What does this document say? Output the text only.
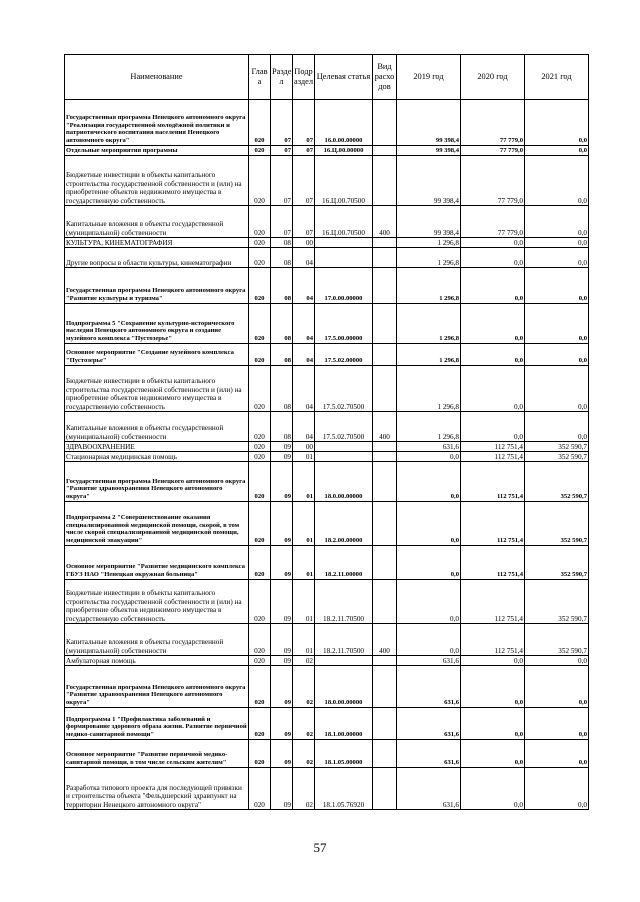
Наименование	Глав а	Разде л	Подр аздел	Целевая статья	Вид расхо дов	2019 год	2020 год	2021 год
Государственная программа Ненецкого автономного округа "Реализация государственной молодёжной политики и патриотического воспитания населения Ненецкого автономного округа"	020	07	07	16.0.00.00000		99 398,4	77 779,0	0,0
Отдельные мероприятия программы	020	07	07	16.Ц.00.00000		99 398,4	77 779,0	0,0
Бюджетные инвестиции в объекты капитального строительства государственной собственности и (или) на приобретение объектов недвижимого имущества в государственную собственность	020	07	07	16.Ц.00.70500		99 398,4	77 779,0	0,0
Капитальные вложения в объекты государственной (муниципальной) собственности	020	07	07	16.Ц.00.70500	400	99 398,4	77 779,0	0,0
КУЛЬТУРА, КИНЕМАТОГРАФИЯ	020	08	00			1 296,8	0,0	0,0
Другие вопросы в области культуры, кинематографии	020	08	04			1 296,8	0,0	0,0
Государственная программа Ненецкого автономного округа "Развитие культуры и туризма"	020	08	04	17.0.00.00000		1 296,8	0,0	0,0
Подпрограмма 5 "Сохранение культурно-исторического наследия Ненецкого автономного округа и создание музейного комплекса "Пустозерье"	020	08	04	17.5.00.00000		1 296,8	0,0	0,0
Основное мероприятие "Создание музейного комплекса "Пустозерье"	020	08	04	17.5.02.00000		1 296,8	0,0	0,0
Бюджетные инвестиции в объекты капитального строительства государственной собственности и (или) на приобретение объектов недвижимого имущества в государственную собственность	020	08	04	17.5.02.70500		1 296,8	0,0	0,0
Капитальные вложения в объекты государственной (муниципальной) собственности	020	08	04	17.5.02.70500	400	1 296,8	0,0	0,0
ЗДРАВООХРАНЕНИЕ	020	09	00			631,6	112 751,4	352 590,7
Стационарная медицинская помощь	020	09	01			0,0	112 751,4	352 590,7
Государственная программа Ненецкого автономного округа "Развитие здравоохранения Ненецкого автономного округа"	020	09	01	18.0.00.00000		0,0	112 751,4	352 590,7
Подпрограмма 2 "Совершенствование оказания специализированной медицинской помощи, скорой, в том числе скорой специализированной медицинской помощи, медицинской эвакуации"	020	09	01	18.2.00.00000		0,0	112 751,4	352 590,7
Основное мероприятие "Развитие медицинского комплекса ГБУЗ НАО "Ненецкая окружная больница"	020	09	01	18.2.11.00000		0,0	112 751,4	352 590,7
Бюджетные инвестиции в объекты капитального строительства государственной собственности и (или) на приобретение объектов недвижимого имущества в государственную собственность	020	09	01	18.2.11.70500		0,0	112 751,4	352 590,7
Капитальные вложения в объекты государственной (муниципальной) собственности	020	09	01	18.2.11.70500	400	0,0	112 751,4	352 590,7
Амбулаторная помощь	020	09	02			631,6	0,0	0,0
Государственная программа Ненецкого автономного округа "Развитие здравоохранения Ненецкого автономного округа"	020	09	02	18.0.00.00000		631,6	0,0	0,0
Подпрограмма 1 "Профилактика заболеваний и формирование здорового образа жизни. Развитие первичной медико-санитарной помощи"	020	09	02	18.1.00.00000		631,6	0,0	0,0
Основное мероприятие "Развитие первичной медико-санитарной помощи, в том числе сельским жителям"	020	09	02	18.1.05.00000		631,6	0,0	0,0
Разработка типового проекта для последующей привязки и строительства объекта "Фельдшерский здравпункт на территории Ненецкого автономного округа"	020	09	02	18.1.05.76920		631,6	0,0	0,0
57
